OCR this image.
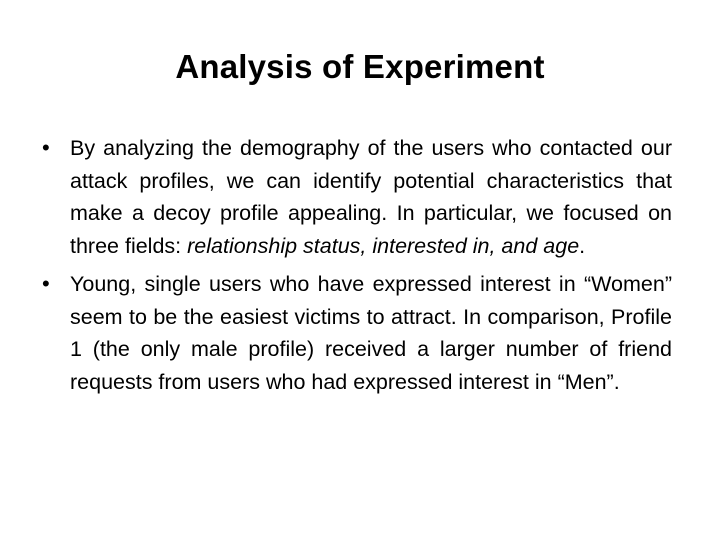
Analysis of Experiment
• By analyzing the demography of the users who contacted our attack profiles, we can identify potential characteristics that make a decoy profile appealing. In particular, we focused on three fields: relationship status, interested in, and age.
• Young, single users who have expressed interest in “Women” seem to be the easiest victims to attract. In comparison, Profile 1 (the only male profile) received a larger number of friend requests from users who had expressed interest in “Men”.
